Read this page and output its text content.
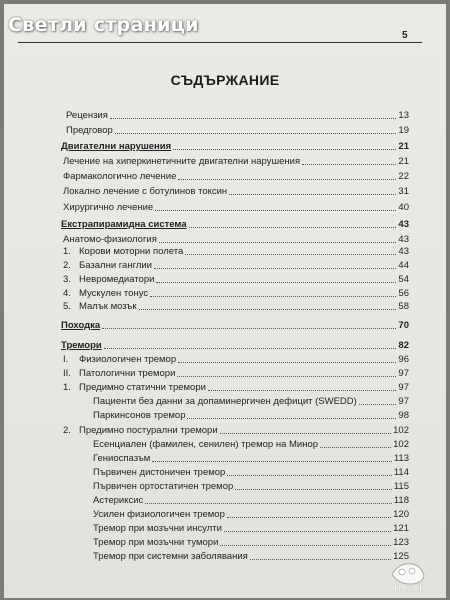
Светли страници	5
СЪДЪРЖАНИЕ
Рецензия	13
Предговор	19
Двигателни нарушения	21
Лечение на хиперкинетичните двигателни нарушения	21
Фармакологично лечение	22
Локално лечение с ботулинов токсин	31
Хирургично лечение	40
Екстрапирамидна система	43
Анатомо-физиология	43
1. Корови моторни полета	43
2. Базални ганглии	44
3. Невромедиатори	54
4. Мускулен тонус	56
5. Малък мозък	58
Походка	70
Тремори	82
I.	Физиологичен тремор	96
II. Патологични тремори	97
1. Предимно статични тремори	97
Пациенти без данни за допаминергичен дефицит (SWEDD)	97
Паркинсонов тремор	98
2. Предимно постурални тремори	102
Есенциален (фамилен, сенилен) тремор на Минор	102
Гениоспазъм	113
Първичен дистоничен тремор	114
Първичен ортостатичен тремор	115
Астериксис	118
Усилен физиологичен тремор	120
Тремор при мозъчни инсулти	121
Тремор при мозъчни тумори	123
Тремор при системни заболявания	125
BAZAR
